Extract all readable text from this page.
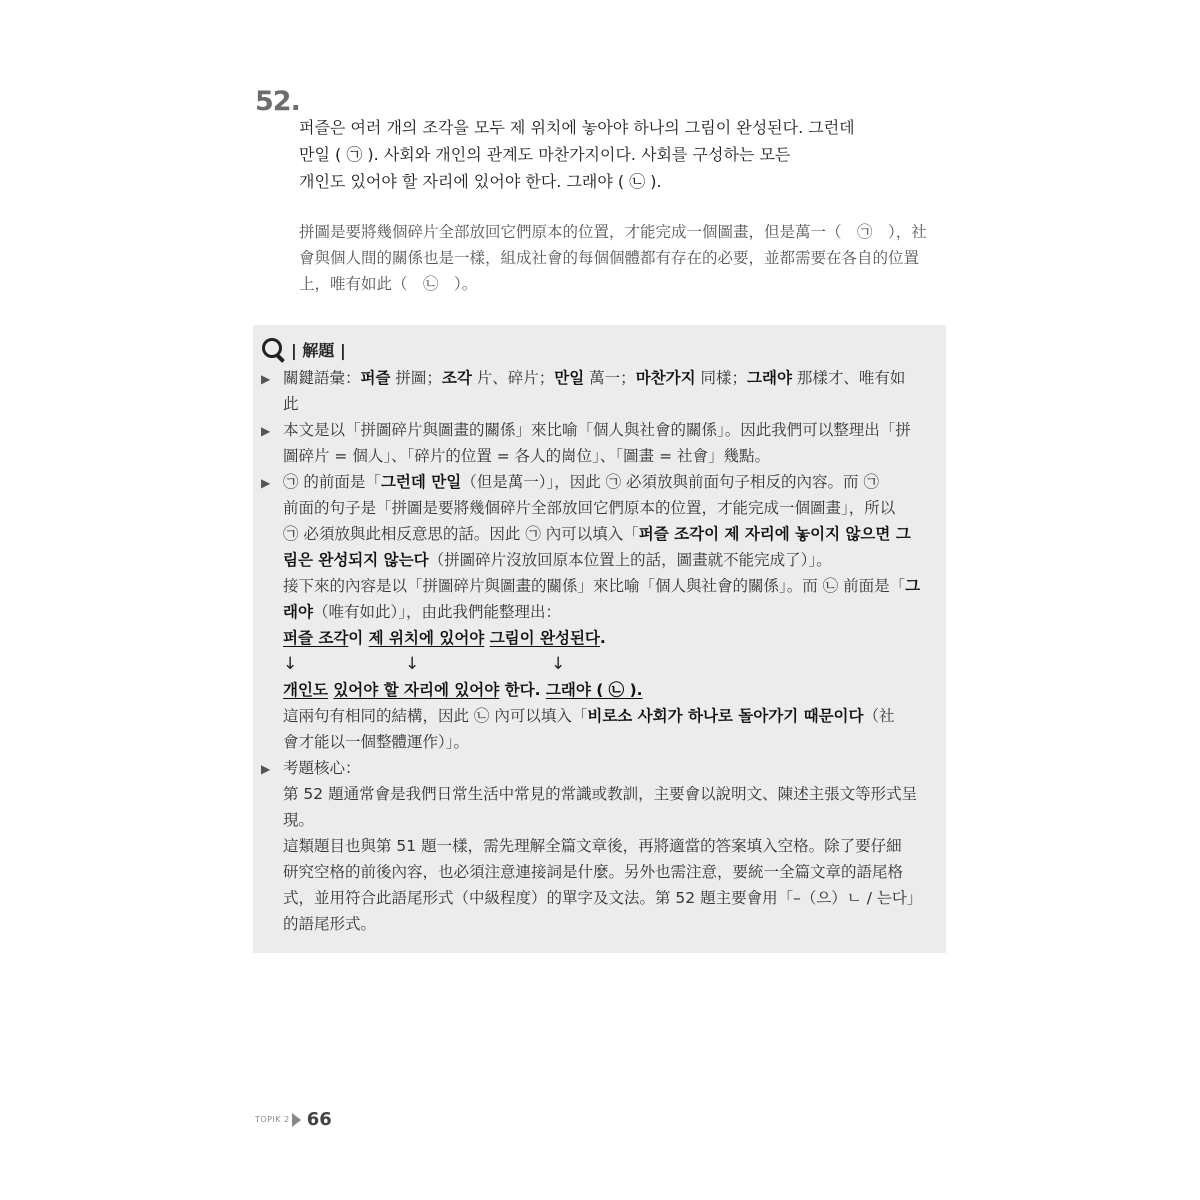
52.

퍼즐은 여러 개의 조각을 모두 제 위치에 놓아야 하나의 그림이 완성된다. 그런데

만일 ( ㉠ ). 사회와 개인의 관계도 마찬가지이다. 사회를 구성하는 모든

개인도 있어야 할 자리에 있어야 한다. 그래야 ( ㉡ ).

拼圖是要將幾個碎片全部放回它們原本的位置，才能完成一個圖畫，但是萬一（　㉠　），社

會與個人間的關係也是一樣，組成社會的每個個體都有存在的必要，並都需要在各自的位置

上，唯有如此（　㉡　）。

| 解題 |
▶ 關鍵語彙：퍼즐 拼圖；조각 片、碎片；만일 萬一；마찬가지 同樣；그래야 那樣才、唯有如
此
▶ 本文是以「拼圖碎片與圖畫的關係」來比喻「個人與社會的關係」。因此我們可以整理出「拼
圖碎片 = 個人」、「碎片的位置 = 各人的崗位」、「圖畫 = 社會」幾點。
▶ ㉠ 的前面是「그런데 만일（但是萬一）」，因此 ㉠ 必須放與前面句子相反的內容。而 ㉠
前面的句子是「拼圖是要將幾個碎片全部放回它們原本的位置，才能完成一個圖畫」，所以
㉠ 必須放與此相反意思的話。因此 ㉠ 內可以填入「퍼즐 조각이 제 자리에 놓이지 않으면 그
림은 완성되지 않는다（拼圖碎片沒放回原本位置上的話，圖畫就不能完成了）」。
接下來的內容是以「拼圖碎片與圖畫的關係」來比喻「個人與社會的關係」。而 ㉡ 前面是「그
래야（唯有如此）」，由此我們能整理出：
퍼즐 조각이 제 위치에 있어야 그림이 완성된다.
↓	↓	↓
개인도 있어야 할 자리에 있어야 한다. 그래야 ( ㉡ ).
這兩句有相同的結構，因此 ㉡ 內可以填入「비로소 사회가 하나로 돌아가기 때문이다（社
會才能以一個整體運作）」。
▶ 考題核心：
第 52 題通常會是我們日常生活中常見的常識或教訓，主要會以說明文、陳述主張文等形式呈
現。
這類題目也與第 51 題一樣，需先理解全篇文章後，再將適當的答案填入空格。除了要仔細
研究空格的前後內容，也必須注意連接詞是什麼。另外也需注意，要統一全篇文章的語尾格
式，並用符合此語尾形式（中級程度）的單字及文法。第 52 題主要會用「–（으）ㄴ / 는다」
的語尾形式。
TOPIK 2 66
